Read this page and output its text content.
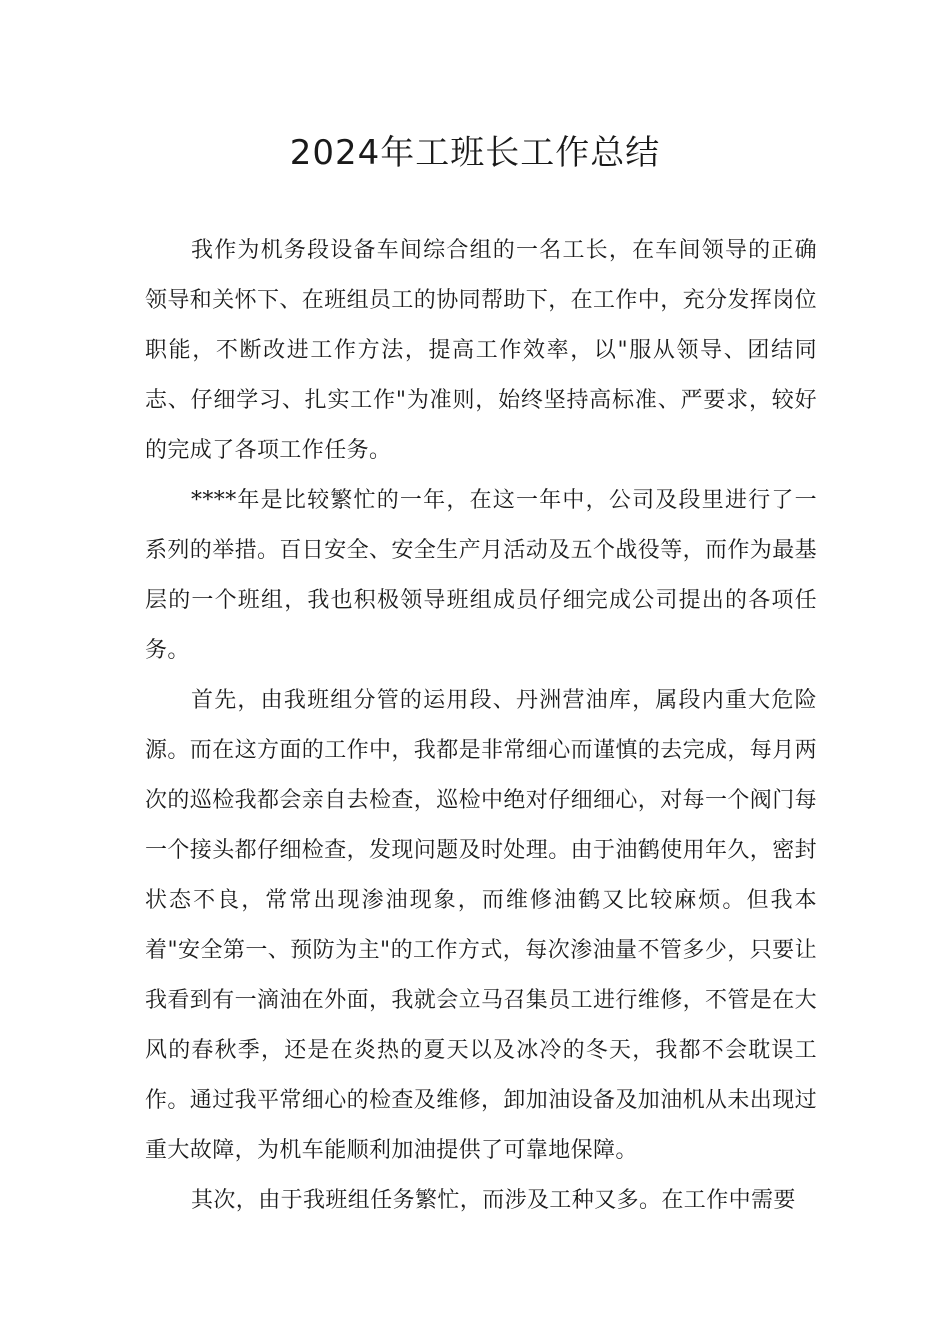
2024年工班长工作总结

我作为机务段设备车间综合组的一名工长，在车间领导的正确领导和关怀下、在班组员工的协同帮助下，在工作中，充分发挥岗位职能，不断改进工作方法，提高工作效率，以"服从领导、团结同志、仔细学习、扎实工作"为准则，始终坚持高标准、严要求，较好的完成了各项工作任务。

****年是比较繁忙的一年，在这一年中，公司及段里进行了一系列的举措。百日安全、安全生产月活动及五个战役等，而作为最基层的一个班组，我也积极领导班组成员仔细完成公司提出的各项任务。

首先，由我班组分管的运用段、丹洲营油库，属段内重大危险源。而在这方面的工作中，我都是非常细心而谨慎的去完成，每月两次的巡检我都会亲自去检查，巡检中绝对仔细细心，对每一个阀门每一个接头都仔细检查，发现问题及时处理。由于油鹤使用年久，密封状态不良，常常出现渗油现象，而维修油鹤又比较麻烦。但我本着"安全第一、预防为主"的工作方式，每次渗油量不管多少，只要让我看到有一滴油在外面，我就会立马召集员工进行维修，不管是在大风的春秋季，还是在炎热的夏天以及冰冷的冬天，我都不会耽误工作。通过我平常细心的检查及维修，卸加油设备及加油机从未出现过重大故障，为机车能顺利加油提供了可靠地保障。

其次，由于我班组任务繁忙，而涉及工种又多。在工作中需要
